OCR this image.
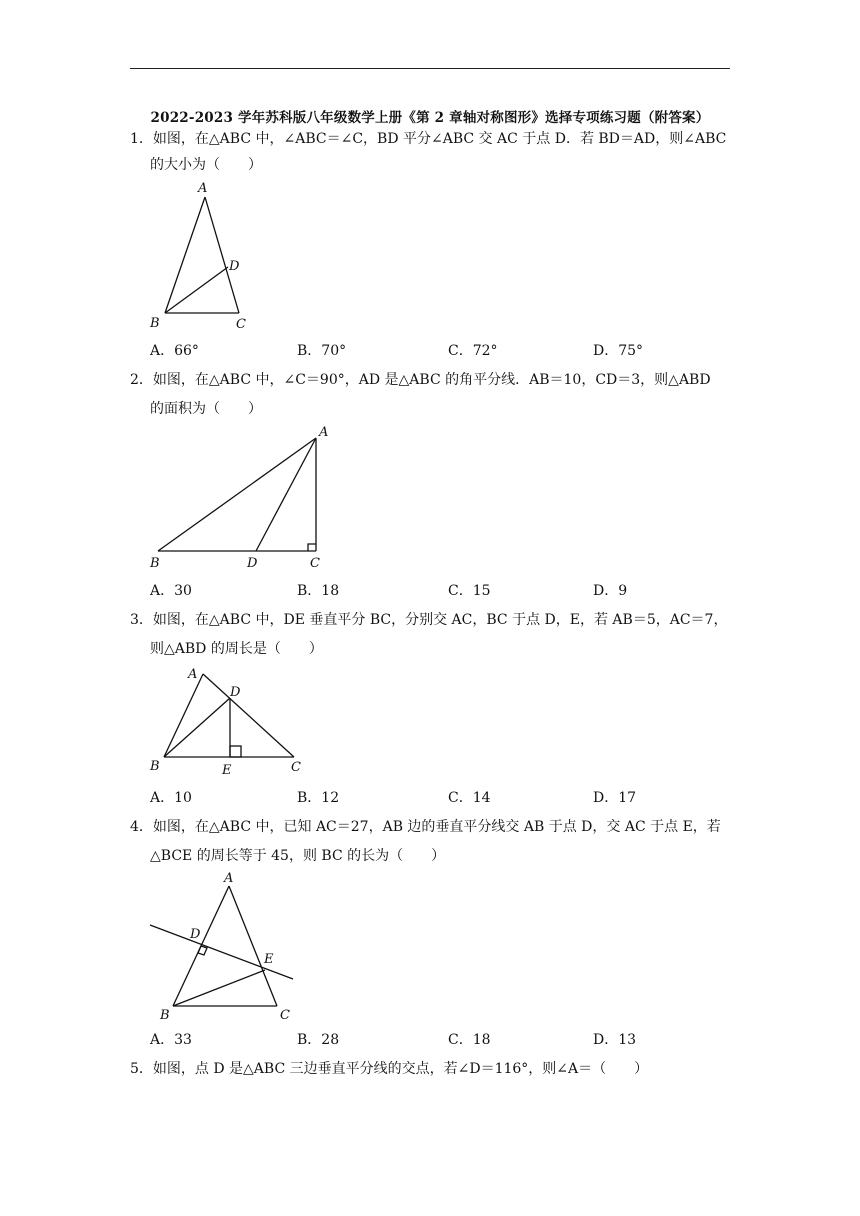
2022-2023 学年苏科版八年级数学上册《第 2 章轴对称图形》选择专项练习题（附答案）
1．如图，在△ABC 中，∠ABC＝∠C，BD 平分∠ABC 交 AC 于点 D．若 BD＝AD，则∠ABC
的大小为（　　）
A
B	C
D
A．66°	B．70°	C．72°	D．75°
2．如图，在△ABC 中，∠C＝90°，AD 是△ABC 的角平分线．AB＝10，CD＝3，则△ABD
的面积为（　　）
A
B	D	C
A．30	B．18	C．15	D．9
3．如图，在△ABC 中，DE 垂直平分 BC，分别交 AC，BC 于点 D，E，若 AB＝5，AC＝7，
则△ABD 的周长是（　　）
A
D
B	E	C
A．10	B．12	C．14	D．17
4．如图，在△ABC 中，已知 AC＝27，AB 边的垂直平分线交 AB 于点 D，交 AC 于点 E，若
△BCE 的周长等于 45，则 BC 的长为（　　）
A
D
E
B	C
A．33	B．28	C．18	D．13
5．如图，点 D 是△ABC 三边垂直平分线的交点，若∠D＝116°，则∠A＝（　　）
